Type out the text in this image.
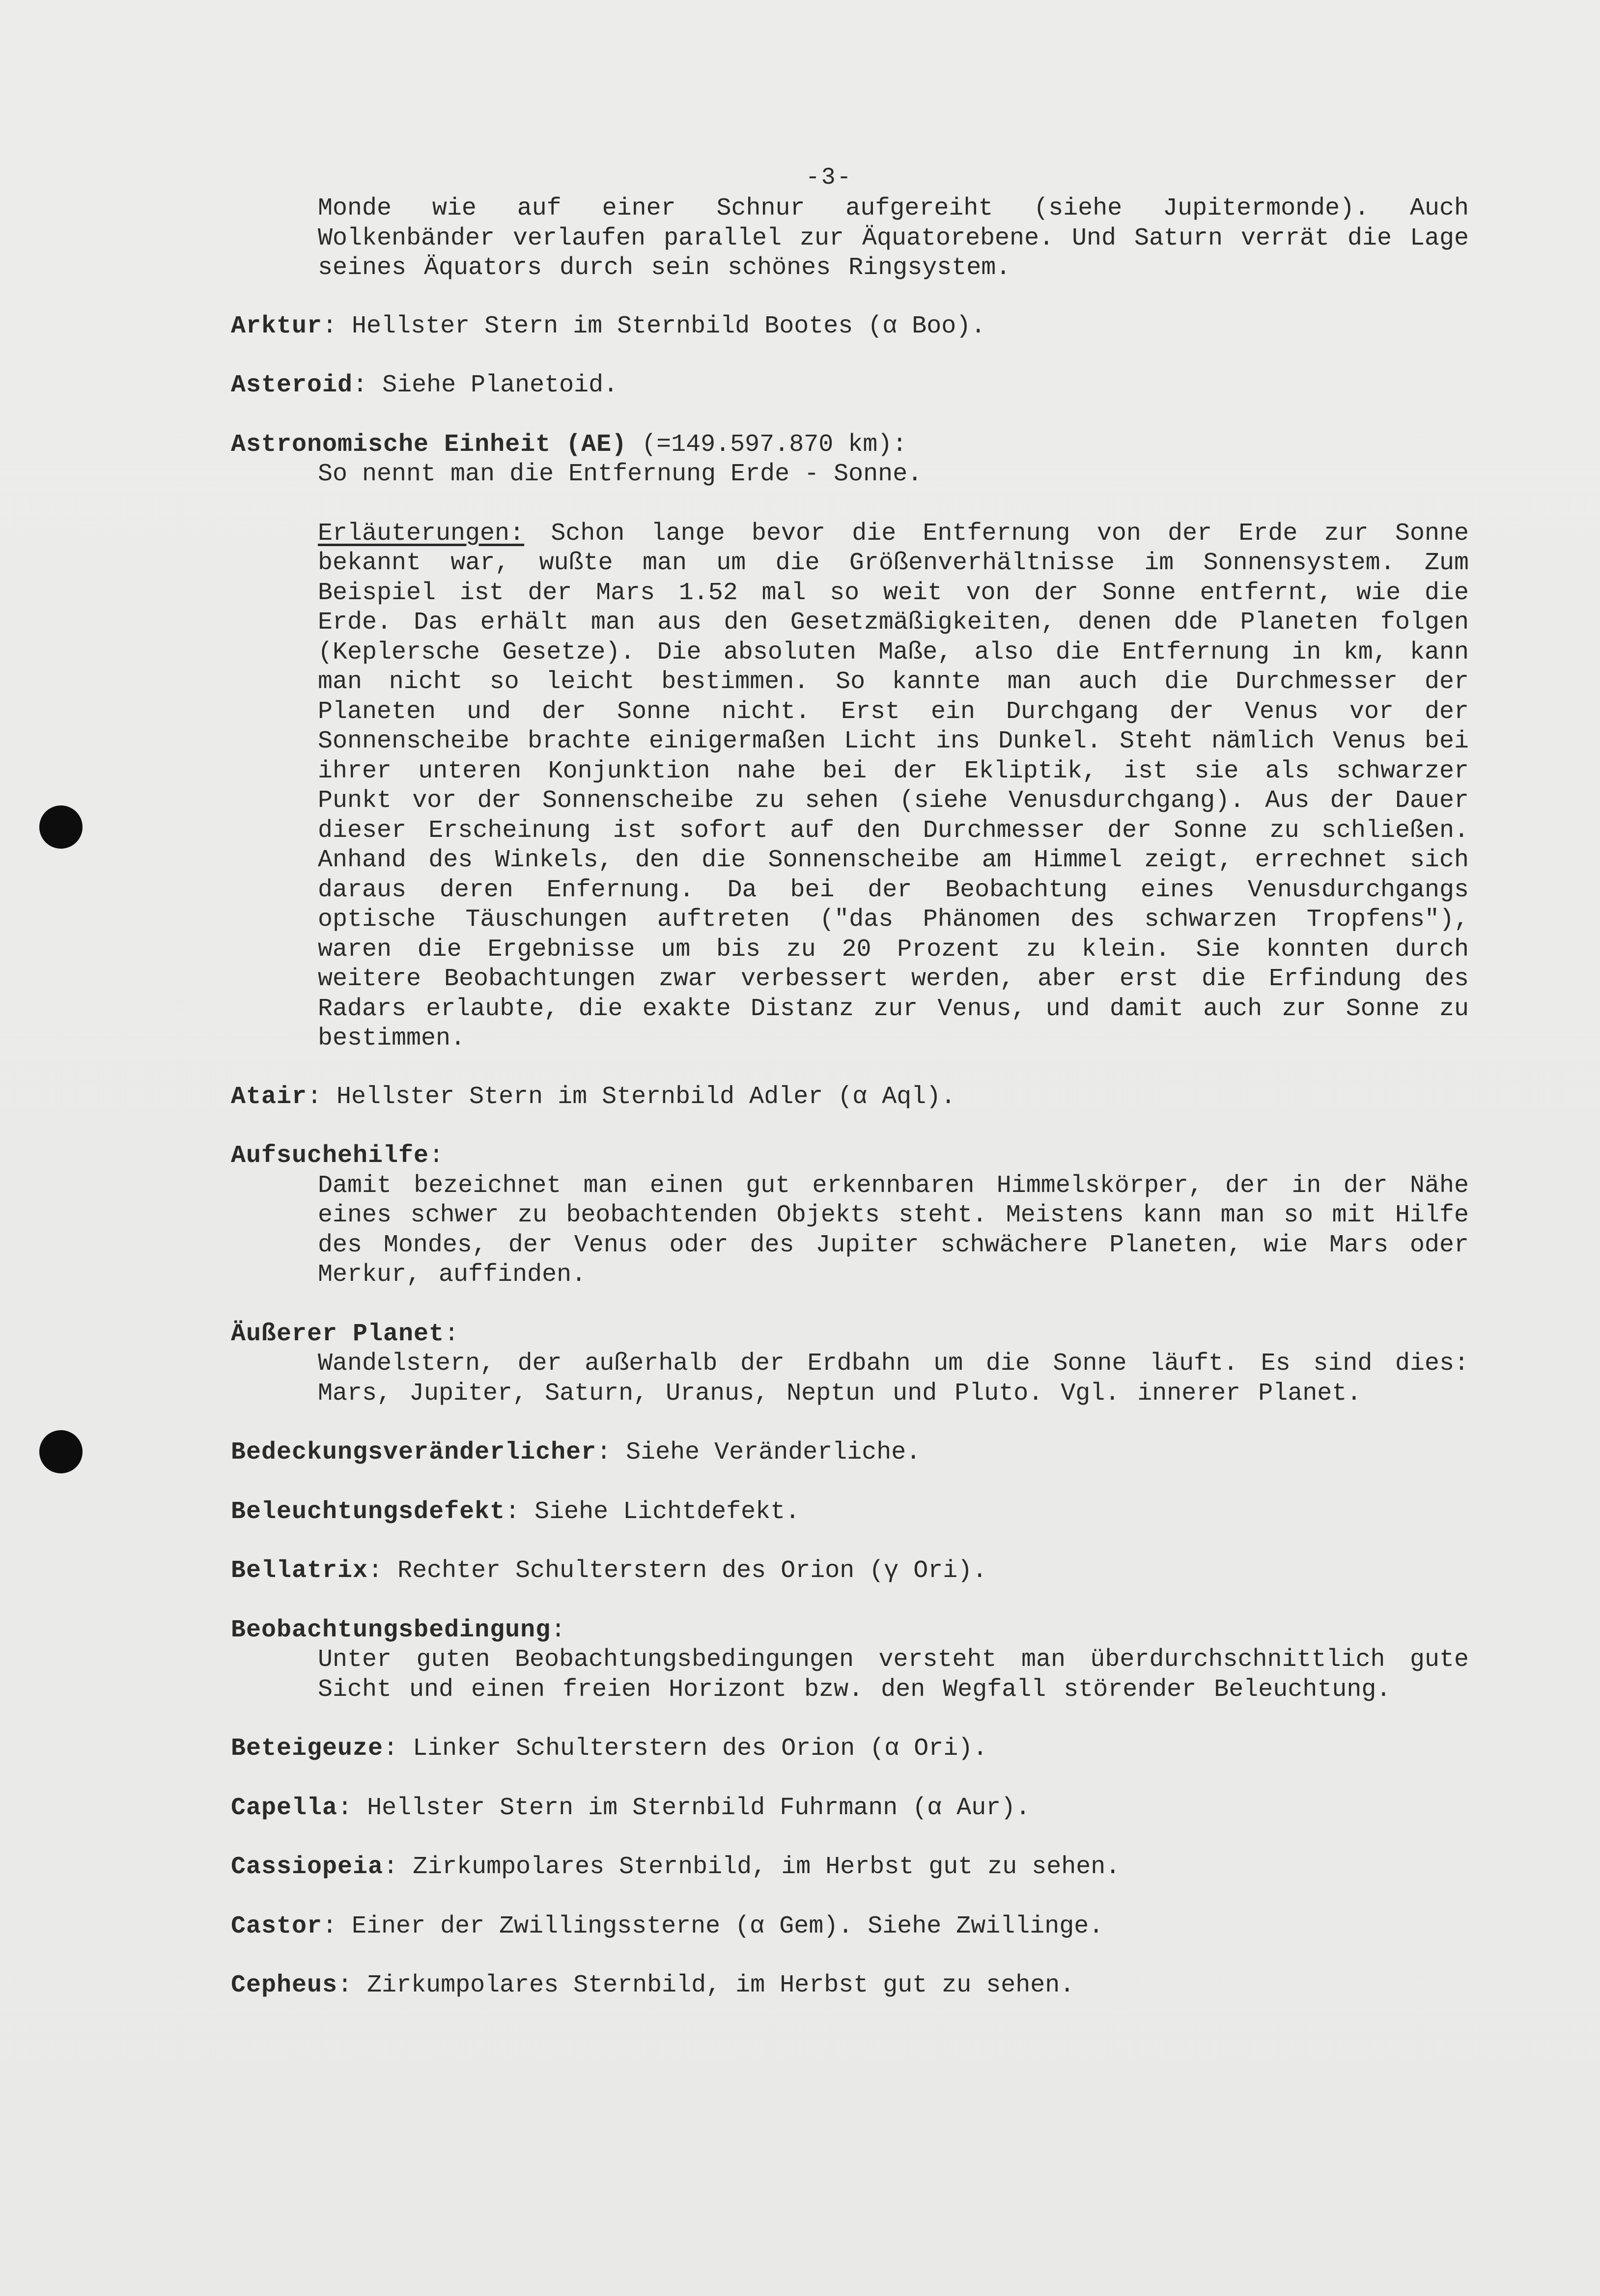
-3-
Monde wie auf einer Schnur aufgereiht (siehe Jupitermonde). Auch Wolkenbänder verlaufen parallel zur Äquatorebene. Und Saturn verrät die Lage seines Äquators durch sein schönes Ringsystem.
Arktur: Hellster Stern im Sternbild Bootes (α Boo).
Asteroid: Siehe Planetoid.
Astronomische Einheit (AE) (=149.597.870 km):
So nennt man die Entfernung Erde - Sonne.
Erläuterungen: Schon lange bevor die Entfernung von der Erde zur Sonne bekannt war, wußte man um die Größenverhältnisse im Sonnensystem. Zum Beispiel ist der Mars 1.52 mal so weit von der Sonne entfernt, wie die Erde. Das erhält man aus den Gesetzmäßigkeiten, denen dde Planeten folgen (Keplersche Gesetze). Die absoluten Maße, also die Entfernung in km, kann man nicht so leicht bestimmen. So kannte man auch die Durchmesser der Planeten und der Sonne nicht. Erst ein Durchgang der Venus vor der Sonnenscheibe brachte einigermaßen Licht ins Dunkel. Steht nämlich Venus bei ihrer unteren Konjunktion nahe bei der Ekliptik, ist sie als schwarzer Punkt vor der Sonnenscheibe zu sehen (siehe Venusdurchgang). Aus der Dauer dieser Erscheinung ist sofort auf den Durchmesser der Sonne zu schließen. Anhand des Winkels, den die Sonnenscheibe am Himmel zeigt, errechnet sich daraus deren Enfernung. Da bei der Beobachtung eines Venusdurchgangs optische Täuschungen auftreten ("das Phänomen des schwarzen Tropfens"), waren die Ergebnisse um bis zu 20 Prozent zu klein. Sie konnten durch weitere Beobachtungen zwar verbessert werden, aber erst die Erfindung des Radars erlaubte, die exakte Distanz zur Venus, und damit auch zur Sonne zu bestimmen.
Atair: Hellster Stern im Sternbild Adler (α Aql).
Aufsuchehilfe:
Damit bezeichnet man einen gut erkennbaren Himmelskörper, der in der Nähe eines schwer zu beobachtenden Objekts steht. Meistens kann man so mit Hilfe des Mondes, der Venus oder des Jupiter schwächere Planeten, wie Mars oder Merkur, auffinden.
Äußerer Planet:
Wandelstern, der außerhalb der Erdbahn um die Sonne läuft. Es sind dies: Mars, Jupiter, Saturn, Uranus, Neptun und Pluto. Vgl. innerer Planet.
Bedeckungsveränderlicher: Siehe Veränderliche.
Beleuchtungsdefekt: Siehe Lichtdefekt.
Bellatrix: Rechter Schulterstern des Orion (γ Ori).
Beobachtungsbedingung:
Unter guten Beobachtungsbedingungen versteht man überdurchschnittlich gute Sicht und einen freien Horizont bzw. den Wegfall störender Beleuchtung.
Beteigeuze: Linker Schulterstern des Orion (α Ori).
Capella: Hellster Stern im Sternbild Fuhrmann (α Aur).
Cassiopeia: Zirkumpolares Sternbild, im Herbst gut zu sehen.
Castor: Einer der Zwillingssterne (α Gem). Siehe Zwillinge.
Cepheus: Zirkumpolares Sternbild, im Herbst gut zu sehen.
